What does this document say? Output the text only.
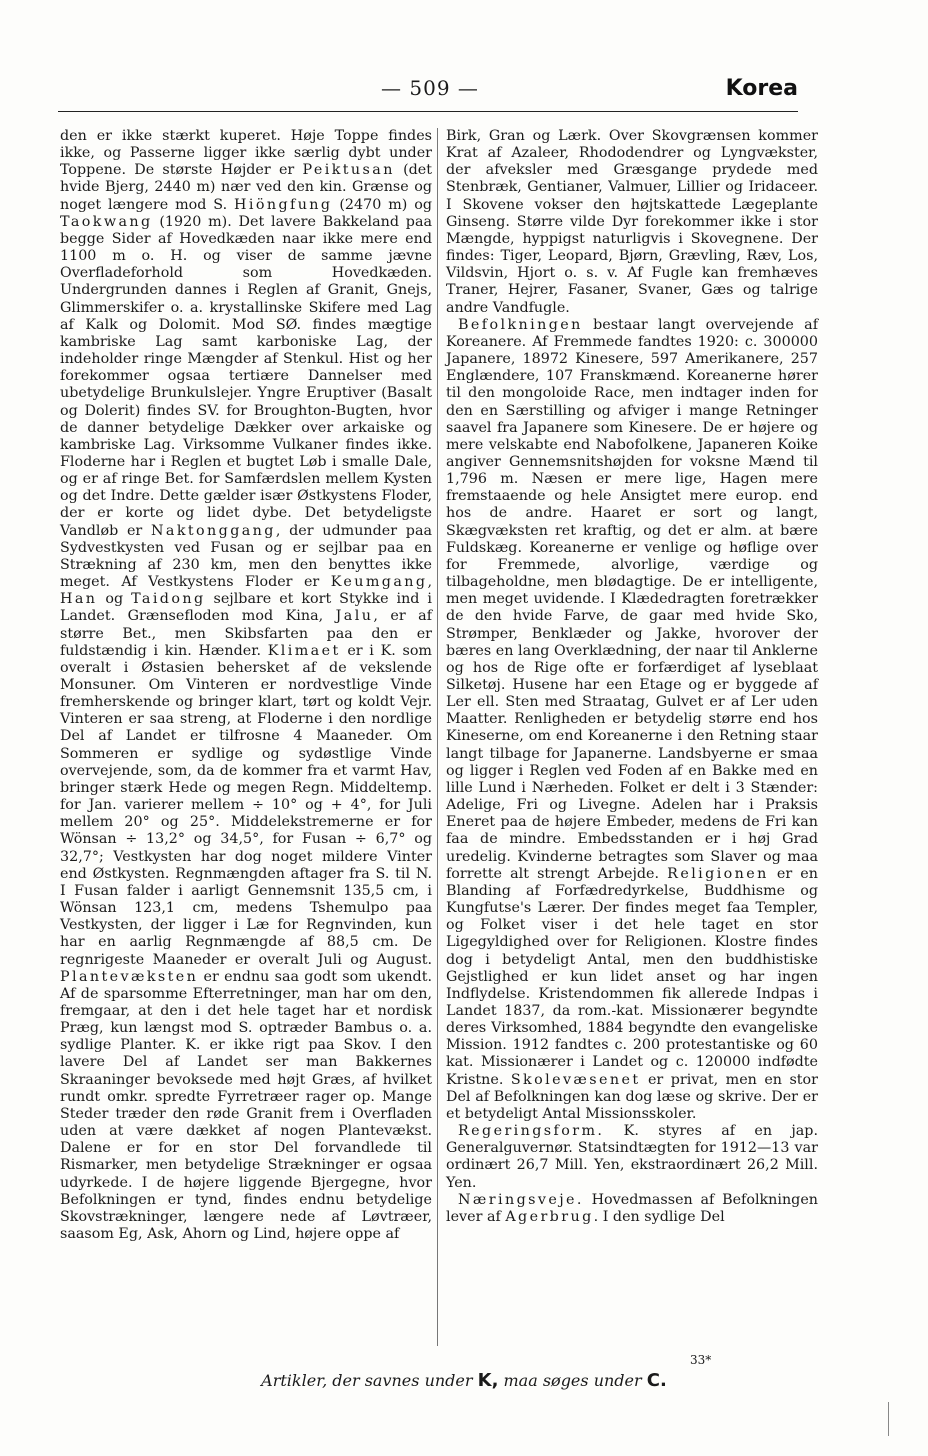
— 509 —	Korea

den er ikke stærkt kuperet. Høje Toppe findes ikke, og Passerne ligger ikke særlig dybt under Toppene. De største Højder er Peiktusan (det hvide Bjerg, 2440 m) nær ved den kin. Grænse og noget længere mod S. Hiöngfung (2470 m) og Taokwang (1920 m). Det lavere Bakkeland paa begge Sider af Hovedkæden naar ikke mere end 1100 m o. H. og viser de samme jævne Overfladeforhold som Hovedkæden. Undergrunden dannes i Reglen af Granit, Gnejs, Glimmerskifer o. a. krystallinske Skifere med Lag af Kalk og Dolomit. Mod SØ. findes mægtige kambriske Lag samt karboniske Lag, der indeholder ringe Mængder af Stenkul. Hist og her forekommer ogsaa tertiære Dannelser med ubetydelige Brunkulslejer. Yngre Eruptiver (Basalt og Dolerit) findes SV. for Broughton-Bugten, hvor de danner betydelige Dækker over arkaiske og kambriske Lag. Virksomme Vulkaner findes ikke. Floderne har i Reglen et bugtet Løb i smalle Dale, og er af ringe Bet. for Samfærdslen mellem Kysten og det Indre. Dette gælder især Østkystens Floder, der er korte og lidet dybe. Det betydeligste Vandløb er Naktonggang, der udmunder paa Sydvestkysten ved Fusan og er sejlbar paa en Strækning af 230 km, men den benyttes ikke meget. Af Vestkystens Floder er Keumgang, Han og Taidong sejlbare et kort Stykke ind i Landet. Grænsefloden mod Kina, Jalu, er af større Bet., men Skibsfarten paa den er fuldstændig i kin. Hænder. Klimaet er i K. som overalt i Østasien behersket af de vekslende Monsuner. Om Vinteren er nordvestlige Vinde fremherskende og bringer klart, tørt og koldt Vejr. Vinteren er saa streng, at Floderne i den nordlige Del af Landet er tilfrosne 4 Maaneder. Om Sommeren er sydlige og sydøstlige Vinde overvejende, som, da de kommer fra et varmt Hav, bringer stærk Hede og megen Regn. Middeltemp. for Jan. varierer mellem ÷ 10° og + 4°, for Juli mellem 20° og 25°. Middelekstremerne er for Wönsan ÷ 13,2° og 34,5°, for Fusan ÷ 6,7° og 32,7°; Vestkysten har dog noget mildere Vinter end Østkysten. Regnmængden aftager fra S. til N. I Fusan falder i aarligt Gennemsnit 135,5 cm, i Wönsan 123,1 cm, medens Tshemulpo paa Vestkysten, der ligger i Læ for Regnvinden, kun har en aarlig Regnmængde af 88,5 cm. De regnrigeste Maaneder er overalt Juli og August. Plantevæksten er endnu saa godt som ukendt. Af de sparsomme Efterretninger, man har om den, fremgaar, at den i det hele taget har et nordisk Præg, kun længst mod S. optræder Bambus o. a. sydlige Planter. K. er ikke rigt paa Skov. I den lavere Del af Landet ser man Bakkernes Skraaninger bevoksede med højt Græs, af hvilket rundt omkr. spredte Fyrretræer rager op. Mange Steder træder den røde Granit frem i Overfladen uden at være dækket af nogen Plantevækst. Dalene er for en stor Del forvandlede til Rismarker, men betydelige Strækninger er ogsaa udyrkede. I de højere liggende Bjergegne, hvor Befolkningen er tynd, findes endnu betydelige Skovstrækninger, længere nede af Løvtræer, saasom Eg, Ask, Ahorn og Lind, højere oppe af

Birk, Gran og Lærk. Over Skovgrænsen kommer Krat af Azaleer, Rhododendrer og Lyngvækster, der afveksler med Græsgange prydede med Stenbræk, Gentianer, Valmuer, Lillier og Iridaceer. I Skovene vokser den højtskattede Lægeplante Ginseng. Større vilde Dyr forekommer ikke i stor Mængde, hyppigst naturligvis i Skovegnene. Der findes: Tiger, Leopard, Bjørn, Grævling, Ræv, Los, Vildsvin, Hjort o. s. v. Af Fugle kan fremhæves Traner, Hejrer, Fasaner, Svaner, Gæs og talrige andre Vandfugle.

Befolkningen bestaar langt overvejende af Koreanere. Af Fremmede fandtes 1920: c. 300000 Japanere, 18972 Kinesere, 597 Amerikanere, 257 Englændere, 107 Franskmænd. Koreanerne hører til den mongoloide Race, men indtager inden for den en Særstilling og afviger i mange Retninger saavel fra Japanere som Kinesere. De er højere og mere velskabte end Nabofolkene, Japaneren Koike angiver Gennemsnitshøjden for voksne Mænd til 1,796 m. Næsen er mere lige, Hagen mere fremstaaende og hele Ansigtet mere europ. end hos de andre. Haaret er sort og langt, Skægvæksten ret kraftig, og det er alm. at bære Fuldskæg. Koreanerne er venlige og høflige over for Fremmede, alvorlige, værdige og tilbageholdne, men blødagtige. De er intelligente, men meget uvidende. I Klædedragten foretrækker de den hvide Farve, de gaar med hvide Sko, Strømper, Benklæder og Jakke, hvorover der bæres en lang Overklædning, der naar til Anklerne og hos de Rige ofte er forfærdiget af lyseblaat Silketøj. Husene har een Etage og er byggede af Ler ell. Sten med Straatag, Gulvet er af Ler uden Maatter. Renligheden er betydelig større end hos Kineserne, om end Koreanerne i den Retning staar langt tilbage for Japanerne. Landsbyerne er smaa og ligger i Reglen ved Foden af en Bakke med en lille Lund i Nærheden. Folket er delt i 3 Stænder: Adelige, Fri og Livegne. Adelen har i Praksis Eneret paa de højere Embeder, medens de Fri kan faa de mindre. Embedsstanden er i høj Grad uredelig. Kvinderne betragtes som Slaver og maa forrette alt strengt Arbejde. Religionen er en Blanding af Forfædredyrkelse, Buddhisme og Kungfutse's Lærer. Der findes meget faa Templer, og Folket viser i det hele taget en stor Ligegyldighed over for Religionen. Klostre findes dog i betydeligt Antal, men den buddhistiske Gejstlighed er kun lidet anset og har ingen Indflydelse. Kristendommen fik allerede Indpas i Landet 1837, da rom.-kat. Missionærer begyndte deres Virksomhed, 1884 begyndte den evangeliske Mission. 1912 fandtes c. 200 protestantiske og 60 kat. Missionærer i Landet og c. 120000 indfødte Kristne. Skolevæsenet er privat, men en stor Del af Befolkningen kan dog læse og skrive. Der er et betydeligt Antal Missionsskoler.

Regeringsform. K. styres af en jap. Generalguvernør. Statsindtægten for 1912—13 var ordinært 26,7 Mill. Yen, ekstraordinært 26,2 Mill. Yen.

Næringsveje. Hovedmassen af Befolkningen lever af Agerbrug. I den sydlige Del

33*
Artikler, der savnes under K, maa søges under C.
